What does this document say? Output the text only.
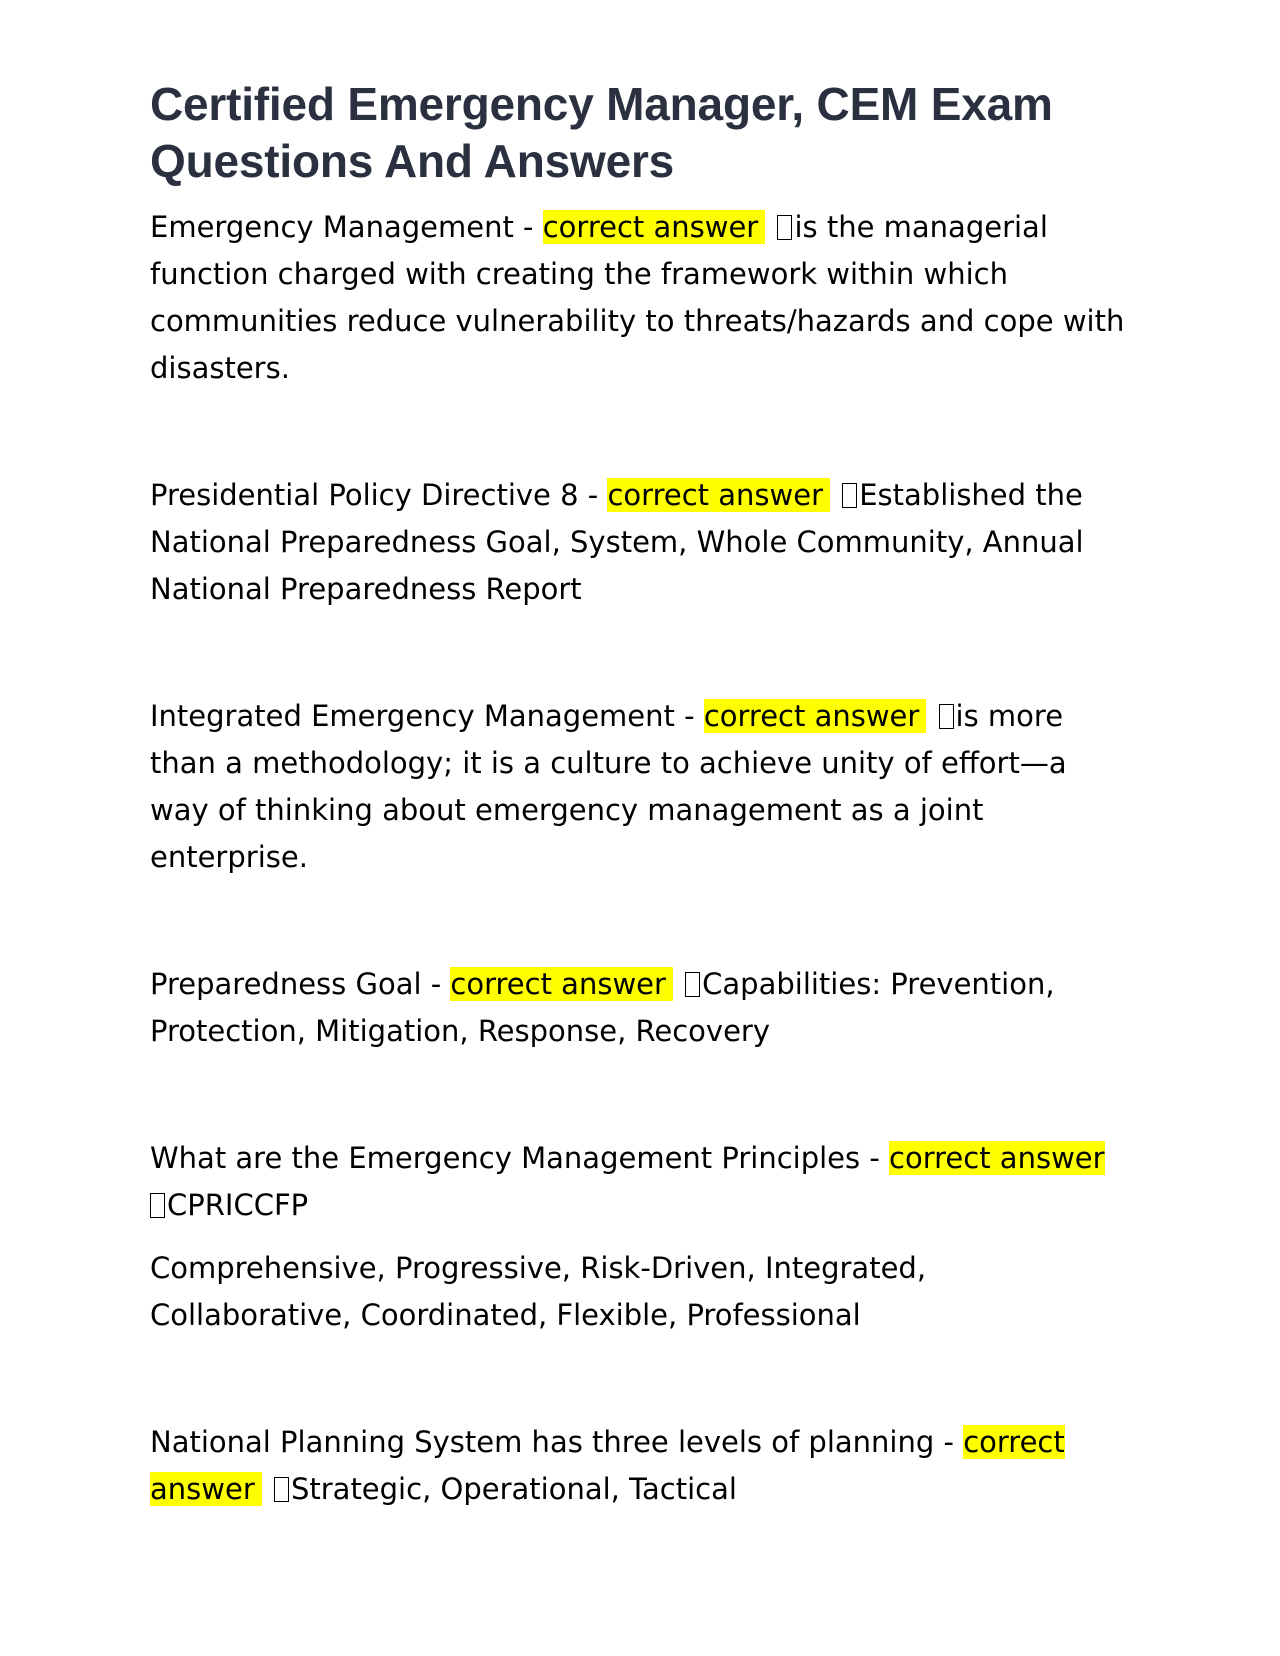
Certified Emergency Manager, CEM Exam Questions And Answers

Emergency Management - correct answer is the managerial function charged with creating the framework within which communities reduce vulnerability to threats/hazards and cope with disasters.

Presidential Policy Directive 8 - correct answer Established the National Preparedness Goal, System, Whole Community, Annual National Preparedness Report

Integrated Emergency Management - correct answer is more than a methodology; it is a culture to achieve unity of effort—a way of thinking about emergency management as a joint enterprise.

Preparedness Goal - correct answer Capabilities: Prevention, Protection, Mitigation, Response, Recovery

What are the Emergency Management Principles - correct answer CPRICCFP

Comprehensive, Progressive, Risk-Driven, Integrated, Collaborative, Coordinated, Flexible, Professional

National Planning System has three levels of planning - correct answer Strategic, Operational, Tactical
